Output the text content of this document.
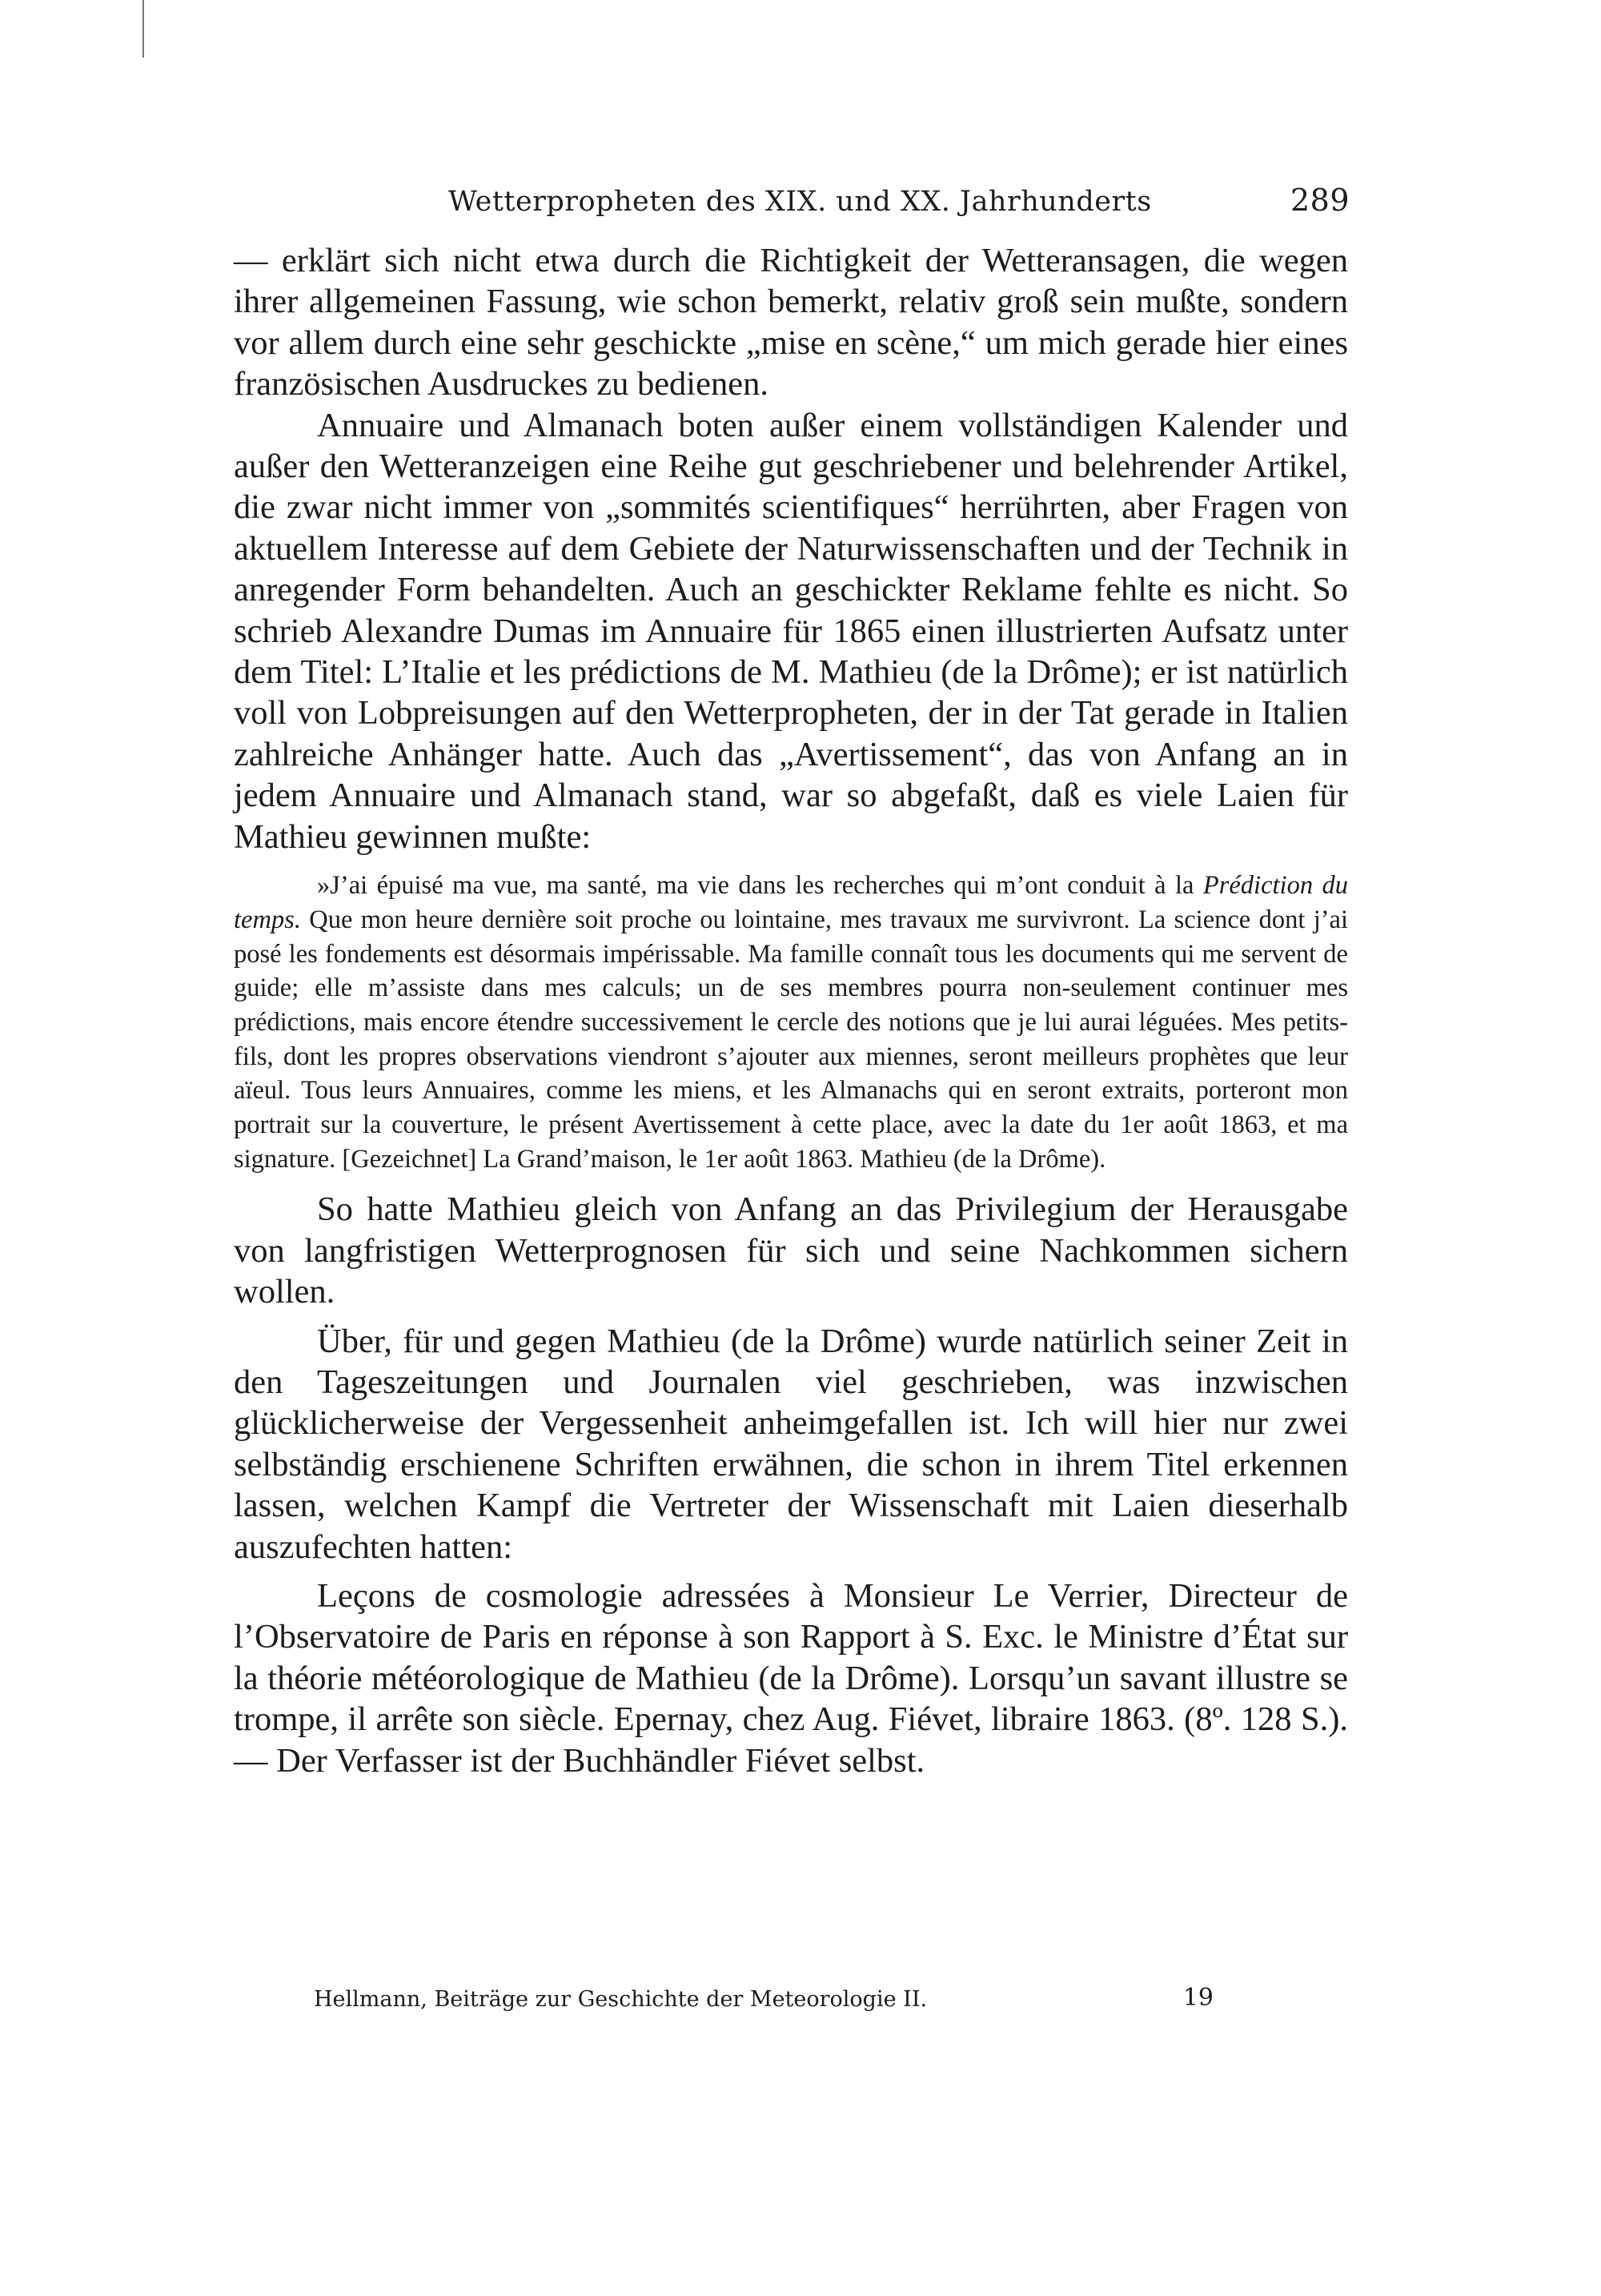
Wetterpropheten des XIX. und XX. Jahrhunderts	289

— erklärt sich nicht etwa durch die Richtigkeit der Wetteransagen, die wegen ihrer allgemeinen Fassung, wie schon bemerkt, relativ groß sein mußte, sondern vor allem durch eine sehr geschickte „mise en scène,“ um mich gerade hier eines französischen Ausdruckes zu bedienen.

Annuaire und Almanach boten außer einem vollständigen Kalender und außer den Wetteranzeigen eine Reihe gut geschriebener und belehrender Artikel, die zwar nicht immer von „sommités scientifiques“ herrührten, aber Fragen von aktuellem Interesse auf dem Gebiete der Naturwissenschaften und der Technik in anregender Form behandelten. Auch an geschickter Reklame fehlte es nicht. So schrieb Alexandre Dumas im Annuaire für 1865 einen illustrierten Aufsatz unter dem Titel: L’Italie et les prédictions de M. Mathieu (de la Drôme); er ist natürlich voll von Lobpreisungen auf den Wetterpropheten, der in der Tat gerade in Italien zahlreiche Anhänger hatte. Auch das „Avertissement“, das von Anfang an in jedem Annuaire und Almanach stand, war so abgefaßt, daß es viele Laien für Mathieu gewinnen mußte:

»J’ai épuisé ma vue, ma santé, ma vie dans les recherches qui m’ont conduit à la Prédiction du temps. Que mon heure dernière soit proche ou lointaine, mes travaux me survivront. La science dont j’ai posé les fondements est désormais impérissable. Ma famille connaît tous les documents qui me servent de guide; elle m’assiste dans mes calculs; un de ses membres pourra non-seulement continuer mes prédictions, mais encore étendre successivement le cercle des notions que je lui aurai léguées. Mes petits-fils, dont les propres observations viendront s’ajouter aux miennes, seront meilleurs prophètes que leur aïeul. Tous leurs Annuaires, comme les miens, et les Almanachs qui en seront extraits, porteront mon portrait sur la couverture, le présent Avertissement à cette place, avec la date du 1er août 1863, et ma signature. [Gezeichnet] La Grand’maison, le 1er août 1863. Mathieu (de la Drôme).

So hatte Mathieu gleich von Anfang an das Privilegium der Herausgabe von langfristigen Wetterprognosen für sich und seine Nachkommen sichern wollen.

Über, für und gegen Mathieu (de la Drôme) wurde natürlich seiner Zeit in den Tageszeitungen und Journalen viel geschrieben, was inzwischen glücklicherweise der Vergessenheit anheimgefallen ist. Ich will hier nur zwei selbständig erschienene Schriften erwähnen, die schon in ihrem Titel erkennen lassen, welchen Kampf die Vertreter der Wissenschaft mit Laien dieserhalb auszufechten hatten:

Leçons de cosmologie adressées à Monsieur Le Verrier, Directeur de l’Observatoire de Paris en réponse à son Rapport à S. Exc. le Ministre d’État sur la théorie météorologique de Mathieu (de la Drôme). Lorsqu’un savant illustre se trompe, il arrête son siècle. Epernay, chez Aug. Fiévet, libraire 1863. (8º. 128 S.). — Der Verfasser ist der Buchhändler Fiévet selbst.

Hellmann, Beiträge zur Geschichte der Meteorologie II.	19
